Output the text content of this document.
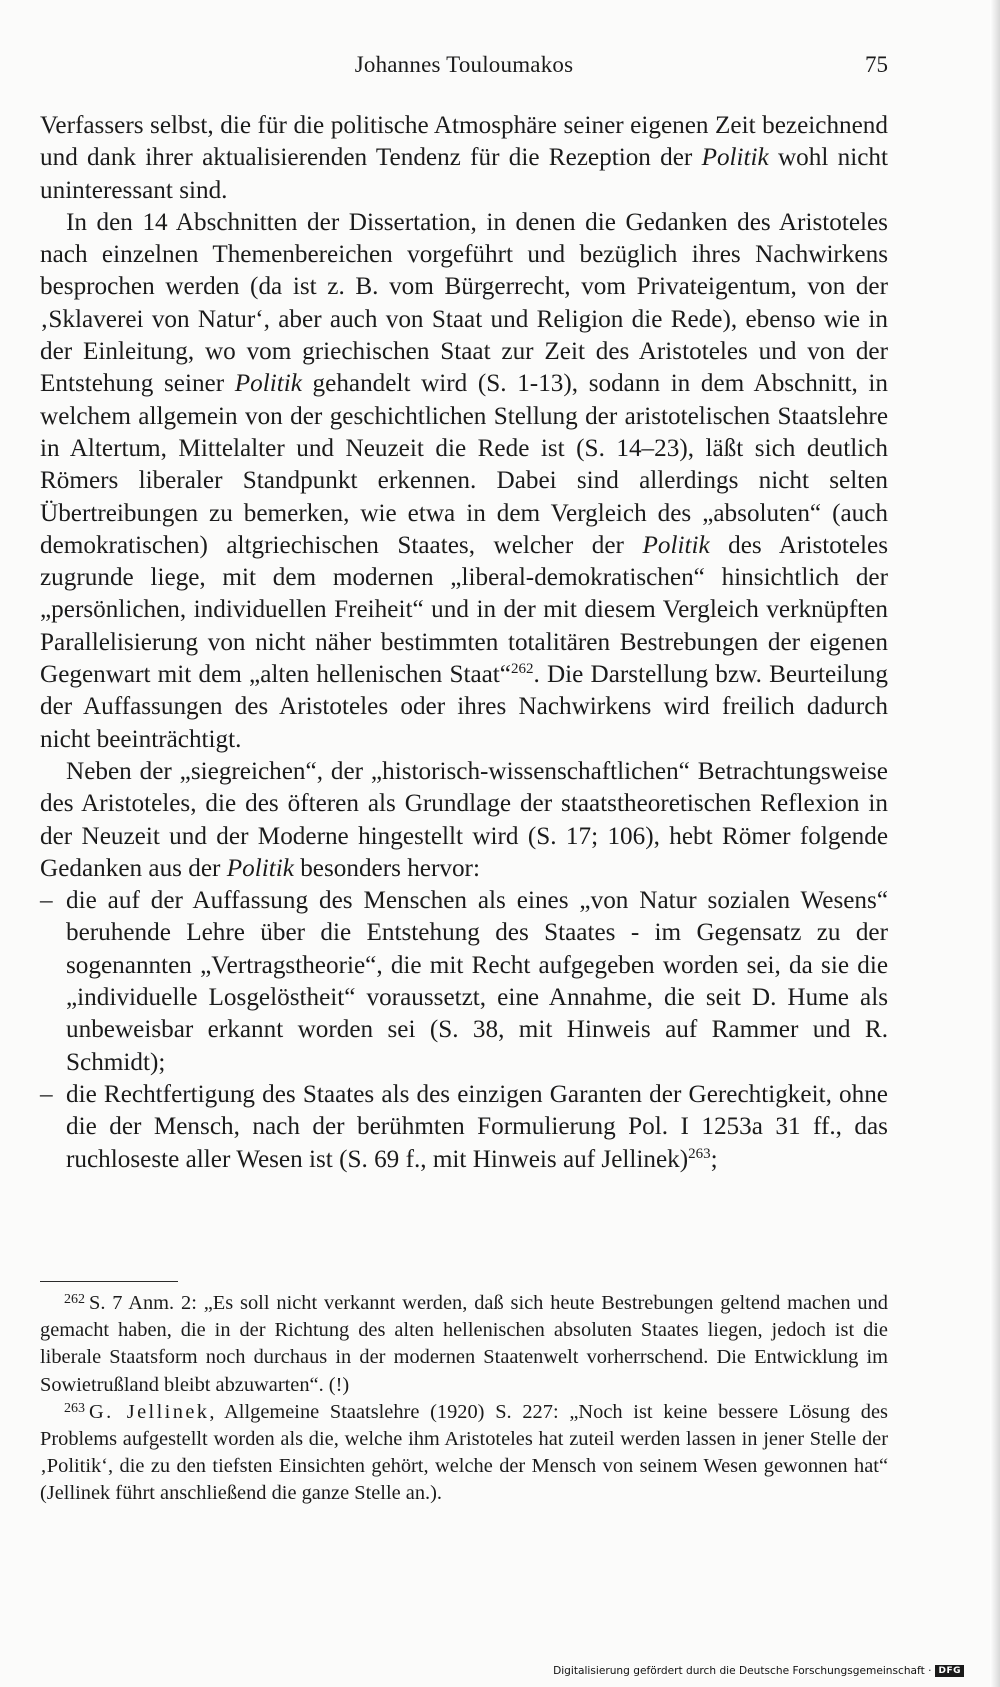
Johannes Touloumakos	75

Verfassers selbst, die für die politische Atmosphäre seiner eigenen Zeit bezeichnend und dank ihrer aktualisierenden Tendenz für die Rezeption der Politik wohl nicht uninteressant sind.

In den 14 Abschnitten der Dissertation, in denen die Gedanken des Aristoteles nach einzelnen Themenbereichen vorgeführt und bezüglich ihres Nachwirkens besprochen werden (da ist z. B. vom Bürgerrecht, vom Privateigentum, von der ‚Sklaverei von Natur‘, aber auch von Staat und Religion die Rede), ebenso wie in der Einleitung, wo vom griechischen Staat zur Zeit des Aristoteles und von der Entstehung seiner Politik gehandelt wird (S. 1-13), sodann in dem Abschnitt, in welchem allgemein von der geschichtlichen Stellung der aristotelischen Staatslehre in Altertum, Mittelalter und Neuzeit die Rede ist (S. 14–23), läßt sich deutlich Römers liberaler Standpunkt erkennen. Dabei sind allerdings nicht selten Übertreibungen zu bemerken, wie etwa in dem Vergleich des „absoluten“ (auch demokratischen) altgriechischen Staates, welcher der Politik des Aristoteles zugrunde liege, mit dem modernen „liberal-demokratischen“ hinsichtlich der „persönlichen, individuellen Freiheit“ und in der mit diesem Vergleich verknüpften Parallelisierung von nicht näher bestimmten totalitären Bestrebungen der eigenen Gegenwart mit dem „alten hellenischen Staat“$^{262}$. Die Darstellung bzw. Beurteilung der Auffassungen des Aristoteles oder ihres Nachwirkens wird freilich dadurch nicht beeinträchtigt.

Neben der „siegreichen“, der „historisch-wissenschaftlichen“ Betrachtungsweise des Aristoteles, die des öfteren als Grundlage der staatstheoretischen Reflexion in der Neuzeit und der Moderne hingestellt wird (S. 17; 106), hebt Römer folgende Gedanken aus der Politik besonders hervor:

– die auf der Auffassung des Menschen als eines „von Natur sozialen Wesens“ beruhende Lehre über die Entstehung des Staates - im Gegensatz zu der sogenannten „Vertragstheorie“, die mit Recht aufgegeben worden sei, da sie die „individuelle Losgelöstheit“ voraussetzt, eine Annahme, die seit D. Hume als unbeweisbar erkannt worden sei (S. 38, mit Hinweis auf Rammer und R. Schmidt);

– die Rechtfertigung des Staates als des einzigen Garanten der Gerechtigkeit, ohne die der Mensch, nach der berühmten Formulierung Pol. I 1253a 31 ff., das ruchloseste aller Wesen ist (S. 69 f., mit Hinweis auf Jellinek)$^{263}$;

$^{262}$ S. 7 Anm. 2: „Es soll nicht verkannt werden, daß sich heute Bestrebungen geltend machen und gemacht haben, die in der Richtung des alten hellenischen absoluten Staates liegen, jedoch ist die liberale Staatsform noch durchaus in der modernen Staatenwelt vorherrschend. Die Entwicklung im Sowietrußland bleibt abzuwarten“. (!)

$^{263}$ G. Jellinek, Allgemeine Staatslehre (1920) S. 227: „Noch ist keine bessere Lösung des Problems aufgestellt worden als die, welche ihm Aristoteles hat zuteil werden lassen in jener Stelle der ‚Politik‘, die zu den tiefsten Einsichten gehört, welche der Mensch von seinem Wesen gewonnen hat“ (Jellinek führt anschließend die ganze Stelle an.).

Digitalisierung gefördert durch die Deutsche Forschungsgemeinschaft · DFG
